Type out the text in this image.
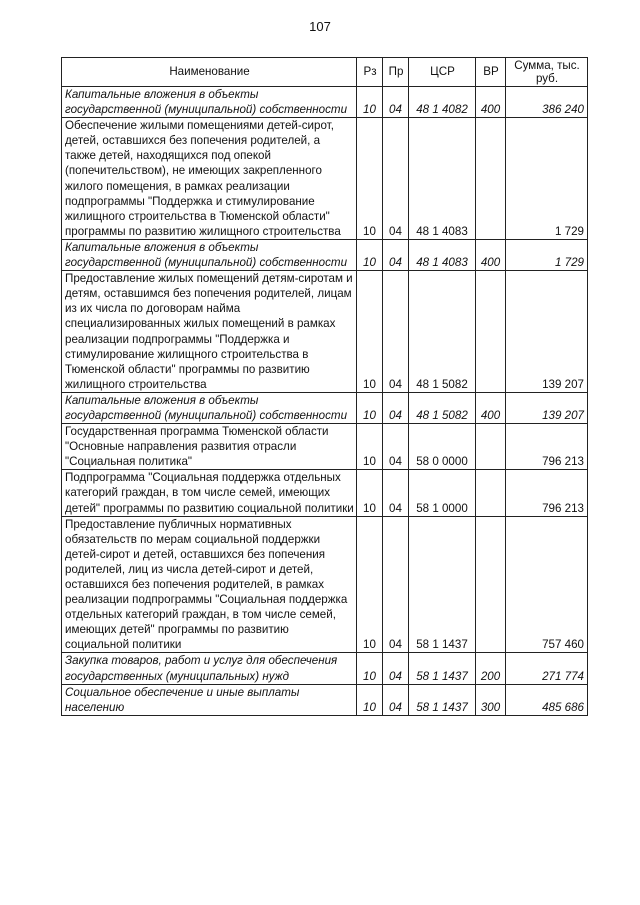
107
Наименование	Рз	Пр	ЦСР	ВР	Сумма, тыс. руб.
Капитальные вложения в объекты государственной (муниципальной) собственности	10	04	48 1 4082	400	386 240
Обеспечение жилыми помещениями детей-сирот, детей, оставшихся без попечения родителей, а также детей, находящихся под опекой (попечительством), не имеющих закрепленного жилого помещения, в рамках реализации подпрограммы "Поддержка и стимулирование жилищного строительства в Тюменской области" программы по развитию жилищного строительства	10	04	48 1 4083		1 729
Капитальные вложения в объекты государственной (муниципальной) собственности	10	04	48 1 4083	400	1 729
Предоставление жилых помещений детям-сиротам и детям, оставшимся без попечения родителей, лицам из их числа по договорам найма специализированных жилых помещений в рамках реализации подпрограммы "Поддержка и стимулирование жилищного строительства в Тюменской области" программы по развитию жилищного строительства	10	04	48 1 5082		139 207
Капитальные вложения в объекты государственной (муниципальной) собственности	10	04	48 1 5082	400	139 207
Государственная программа Тюменской области "Основные направления развития отрасли "Социальная политика"	10	04	58 0 0000		796 213
Подпрограмма "Социальная поддержка отдельных категорий граждан, в том числе семей, имеющих детей" программы по развитию социальной политики	10	04	58 1 0000		796 213
Предоставление публичных нормативных обязательств по мерам социальной поддержки детей-сирот и детей, оставшихся без попечения родителей, лиц из числа детей-сирот и детей, оставшихся без попечения родителей, в рамках реализации подпрограммы "Социальная поддержка отдельных категорий граждан, в том числе семей, имеющих детей" программы по развитию социальной политики	10	04	58 1 1437		757 460
Закупка товаров, работ и услуг для обеспечения государственных (муниципальных) нужд	10	04	58 1 1437	200	271 774
Социальное обеспечение и иные выплаты населению	10	04	58 1 1437	300	485 686
